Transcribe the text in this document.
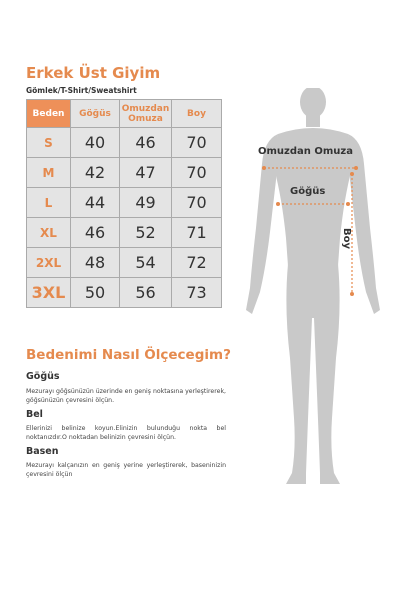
Erkek Üst Giyim
Gömlek/T-Shirt/Sweatshirt
Beden	Göğüs	Omuzdan Omuza	Boy
S	40	46	70
M	42	47	70
L	44	49	70
XL	46	52	71
2XL	48	54	72
3XL	50	56	73
Bedenimi Nasıl Ölçecegim?
Göğüs
Mezurayı göğsünüzün üzerinde en geniş noktasına yerleştirerek, göğsünüzün çevresini ölçün.
Bel
Ellerinizi belinize koyun.Elinizin bulunduğu nokta bel noktanızdır.O noktadan belinizin çevresini ölçün.
Basen
Mezurayı kalçanızın en geniş yerine yerleştirerek, baseninizin çevresini ölçün
Omuzdan Omuza
Göğüs
Boy
